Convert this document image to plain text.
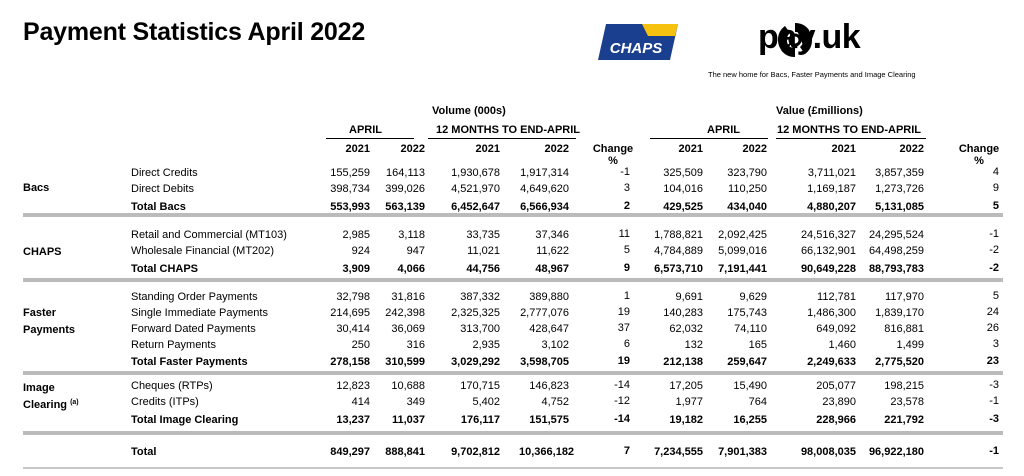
Payment Statistics April 2022
CHAPS	pay.uk
The new home for Bacs, Faster Payments and Image Clearing
Volume (000s)	Value (£millions)
APRIL	12 MONTHS TO END-APRIL	APRIL	12 MONTHS TO END-APRIL
2021	2022	2021	2022 Change
%
2021	2022	2021	2022	Change
%
Bacs
CHAPS
Faster
Payments
Image
Clearing $^{(a)}$
Direct Credits	155,259	164,113 1,930,678 1,917,314	-1	325,509	323,790	3,711,021	3,857,359	4
Direct Debits	398,734	399,026 4,521,970 4,649,620	3	104,016	110,250	1,169,187	1,273,726	9
Total Bacs	553,993	563,139 6,452,647 6,566,934	2	429,525	434,040	4,880,207	5,131,085	5
Retail and Commercial (MT103)	2,985	3,118	33,735	37,346	11	1,788,821	2,092,425	24,516,327 24,295,524	-1
Wholesale Financial (MT202)	924	947	11,021	11,622	5	4,784,889	5,099,016	66,132,901 64,498,259	-2
Total CHAPS	3,909	4,066	44,756	48,967	9	6,573,710	7,191,441	90,649,228 88,793,783	-2
Standing Order Payments	32,798	31,816	387,332	389,880	1	9,691	9,629	112,781	117,970	5
Single Immediate Payments	214,695	242,398 2,325,325 2,777,076	19	140,283	175,743	1,486,300	1,839,170	24
Forward Dated Payments	30,414	36,069	313,700	428,647	37	62,032	74,110	649,092	816,881	26
Return Payments	250	316	2,935	3,102	6	132	165	1,460	1,499	3
Total Faster Payments	278,158	310,599 3,029,292 3,598,705	19	212,138	259,647	2,249,633	2,775,520	23
Cheques (RTPs)	12,823	10,688	170,715	146,823	-14	17,205	15,490	205,077	198,215	-3
Credits (ITPs)	414	349	5,402	4,752	-12	1,977	764	23,890	23,578	-1
Total Image Clearing	13,237	11,037	176,117	151,575	-14	19,182	16,255	228,966	221,792	-3
Total	849,297	888,841 9,702,812 10,366,182	7	7,234,555	7,901,383	98,008,035 96,922,180	-1
